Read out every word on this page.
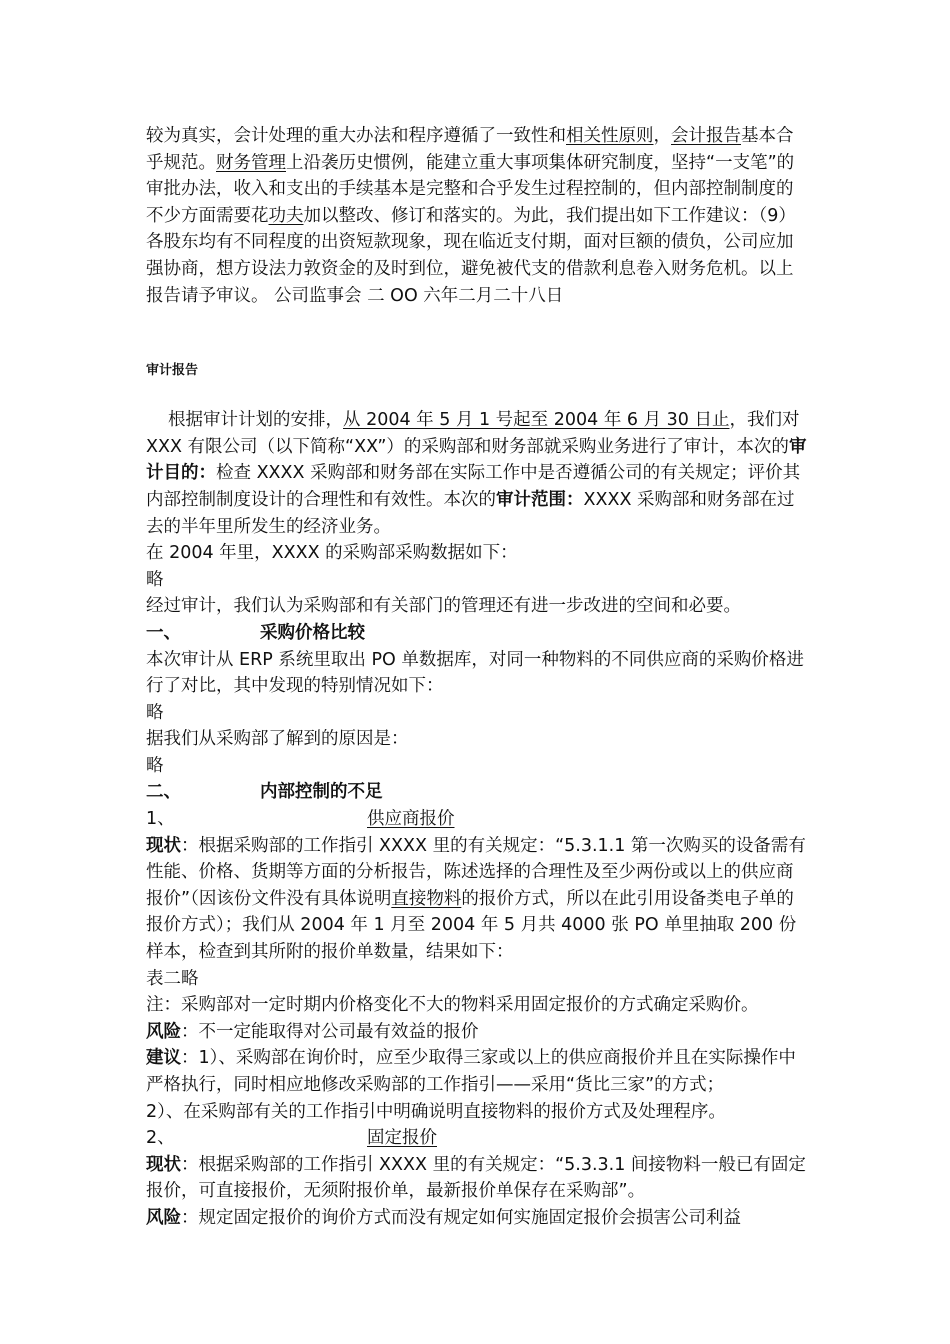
较为真实，会计处理的重大办法和程序遵循了一致性和相关性原则，会计报告基本合乎规范。财务管理上沿袭历史惯例，能建立重大事项集体研究制度，坚持“一支笔”的审批办法，收入和支出的手续基本是完整和合乎发生过程控制的，但内部控制制度的不少方面需要花功夫加以整改、修订和落实的。为此，我们提出如下工作建议：（9）各股东均有不同程度的出资短款现象，现在临近支付期，面对巨额的债负，公司应加强协商，想方设法力敦资金的及时到位，避免被代支的借款利息卷入财务危机。以上报告请予审议。 公司监事会 二 OO 六年二月二十八日

审计报告

根据审计计划的安排，从 2004 年 5 月 1 号起至 2004 年 6 月 30 日止，我们对 XXX 有限公司（以下简称“XX”）的采购部和财务部就采购业务进行了审计，本次的审计目的：检查 XXXX 采购部和财务部在实际工作中是否遵循公司的有关规定；评价其内部控制制度设计的合理性和有效性。本次的审计范围：XXXX 采购部和财务部在过去的半年里所发生的经济业务。

在 2004 年里，XXXX 的采购部采购数据如下：

略

经过审计，我们认为采购部和有关部门的管理还有进一步改进的空间和必要。

一、	采购价格比较

本次审计从 ERP 系统里取出 PO 单数据库，对同一种物料的不同供应商的采购价格进行了对比，其中发现的特别情况如下：

略

据我们从采购部了解到的原因是：

略

二、	内部控制的不足

1、	供应商报价

现状：根据采购部的工作指引 XXXX 里的有关规定：“5.3.1.1 第一次购买的设备需有性能、价格、货期等方面的分析报告，陈述选择的合理性及至少两份或以上的供应商报价”（因该份文件没有具体说明直接物料的报价方式，所以在此引用设备类电子单的报价方式）；我们从 2004 年 1 月至 2004 年 5 月共 4000 张 PO 单里抽取 200 份样本，检查到其所附的报价单数量，结果如下：

表二略

注：采购部对一定时期内价格变化不大的物料采用固定报价的方式确定采购价。

风险：不一定能取得对公司最有效益的报价

建议：1）、采购部在询价时，应至少取得三家或以上的供应商报价并且在实际操作中严格执行，同时相应地修改采购部的工作指引——采用“货比三家”的方式；

2）、在采购部有关的工作指引中明确说明直接物料的报价方式及处理程序。

2、	固定报价

现状：根据采购部的工作指引 XXXX 里的有关规定：“5.3.3.1 间接物料一般已有固定报价，可直接报价，无须附报价单，最新报价单保存在采购部”。

风险：规定固定报价的询价方式而没有规定如何实施固定报价会损害公司利益
